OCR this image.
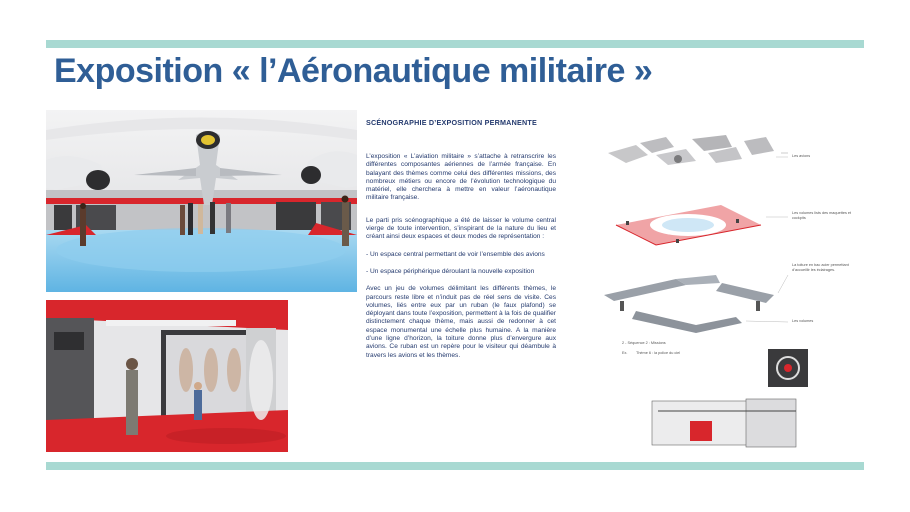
Exposition « l’Aéronautique militaire »
SCÉNOGRAPHIE D’EXPOSITION PERMANENTE

L’exposition « L’aviation militaire » s’attache à retranscrire les différentes composantes aériennes de l’armée française. En balayant des thèmes comme celui des différentes missions, des nombreux métiers ou encore de l’évolution technologique du matériel, elle cherchera à mettre en valeur l’aéronautique militaire française.

Le parti pris scénographique a été de laisser le volume central vierge de toute intervention, s’inspirant de la nature du lieu et créant ainsi deux espaces et deux modes de représentation :

- Un espace central permettant de voir l’ensemble des avions

- Un espace périphérique déroulant la nouvelle exposition

Avec un jeu de volumes délimitant les différents thèmes, le parcours reste libre et n’induit pas de réel sens de visite. Ces volumes, liés entre eux par un ruban (le faux plafond) se déployant dans toute l’exposition, permettent à la fois de qualifier distinctement chaque thème, mais aussi de redonner à cet espace monumental une échelle plus humaine. A la manière d’une ligne d’horizon, la toiture donne plus d’envergure aux avions. Ce ruban est un repère pour le visiteur qui déambule à travers les avions et les thèmes.

Les avions
Les volumes lists des maquettes et cockpits
La toiture en bac acier permettant d’accueillir les éclairages.
Les volumes
2 - Séquence 2 : Missions
Ex.	Thème 6 : la police du ciel
